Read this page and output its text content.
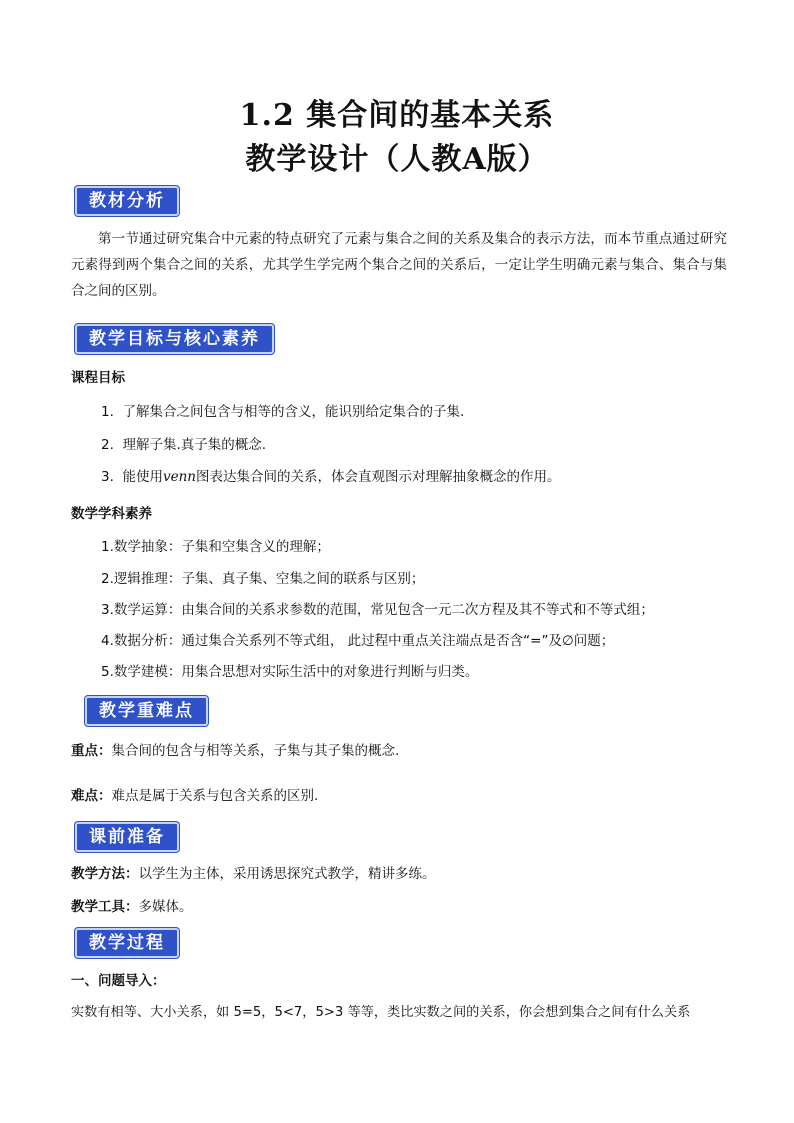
1.2 集合间的基本关系
教学设计（人教A版）
教材分析
第一节通过研究集合中元素的特点研究了元素与集合之间的关系及集合的表示方法，而本节重点通过研究元素得到两个集合之间的关系，尤其学生学完两个集合之间的关系后，一定让学生明确元素与集合、集合与集合之间的区别。
教学目标与核心素养
课程目标
1. 了解集合之间包含与相等的含义，能识别给定集合的子集.
2. 理解子集.真子集的概念.
3. 能使用venn图表达集合间的关系，体会直观图示对理解抽象概念的作用。
数学学科素养
1.数学抽象：子集和空集含义的理解；
2.逻辑推理：子集、真子集、空集之间的联系与区别；
3.数学运算：由集合间的关系求参数的范围，常见包含一元二次方程及其不等式和不等式组；
4.数据分析：通过集合关系列不等式组， 此过程中重点关注端点是否含“=”及∅问题；
5.数学建模：用集合思想对实际生活中的对象进行判断与归类。
教学重难点
重点：集合间的包含与相等关系，子集与其子集的概念.
难点：难点是属于关系与包含关系的区别.
课前准备
教学方法：以学生为主体，采用诱思探究式教学，精讲多练。
教学工具：多媒体。
教学过程
一、问题导入：
实数有相等、大小关系，如 5=5，5<7，5>3 等等，类比实数之间的关系，你会想到集合之间有什么关系
